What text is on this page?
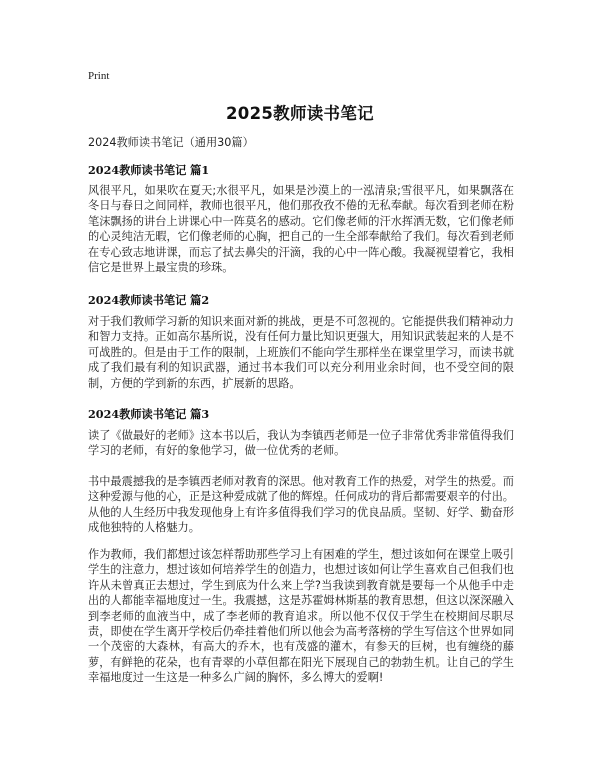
Print
2025教师读书笔记
2024教师读书笔记（通用30篇）
2024教师读书笔记 篇1
风很平凡，如果吹在夏天;水很平凡，如果是沙漠上的一泓清泉;雪很平凡，如果飘落在冬日与春日之间同样，教师也很平凡，他们那孜孜不倦的无私奉献。每次看到老师在粉笔沫飘扬的讲台上讲课心中一阵莫名的感动。它们像老师的汗水挥洒无数，它们像老师的心灵纯洁无暇，它们像老师的心胸，把自己的一生全部奉献给了我们。每次看到老师在专心致志地讲课，而忘了拭去鼻尖的汗滴，我的心中一阵心酸。我凝视望着它，我相信它是世界上最宝贵的珍珠。
2024教师读书笔记 篇2
对于我们教师学习新的知识来面对新的挑战，更是不可忽视的。它能提供我们精神动力和智力支持。正如高尔基所说，没有任何力量比知识更强大，用知识武装起来的人是不可战胜的。但是由于工作的限制，上班族们不能向学生那样坐在课堂里学习，而读书就成了我们最有利的知识武器，通过书本我们可以充分利用业余时间，也不受空间的限制，方便的学到新的东西，扩展新的思路。
2024教师读书笔记 篇3
读了《做最好的老师》这本书以后，我认为李镇西老师是一位子非常优秀非常值得我们学习的老师，有好的象他学习，做一位优秀的老师。
书中最震撼我的是李镇西老师对教育的深思。他对教育工作的热爱，对学生的热爱。而这种爱源与他的心，正是这种爱成就了他的辉煌。任何成功的背后都需要艰辛的付出。从他的人生经历中我发现他身上有许多值得我们学习的优良品质。坚韧、好学、勤奋形成他独特的人格魅力。
作为教师，我们都想过该怎样帮助那些学习上有困难的学生，想过该如何在课堂上吸引学生的注意力，想过该如何培养学生的创造力，也想过该如何让学生喜欢自己但我们也许从未曾真正去想过，学生到底为什么来上学?当我读到教育就是要每一个从他手中走出的人都能幸福地度过一生。我震撼，这是苏霍姆林斯基的教育思想，但这以深深融入到李老师的血液当中，成了李老师的教育追求。所以他不仅仅于学生在校期间尽职尽责，即使在学生离开学校后仍牵挂着他们所以他会为高考落榜的学生写信这个世界如同一个茂密的大森林，有高大的乔木，也有茂盛的灌木，有参天的巨树，也有缠绕的藤萝，有鲜艳的花朵，也有青翠的小草但都在阳光下展现自己的勃勃生机。让自己的学生幸福地度过一生这是一种多么广阔的胸怀，多么博大的爱啊!
